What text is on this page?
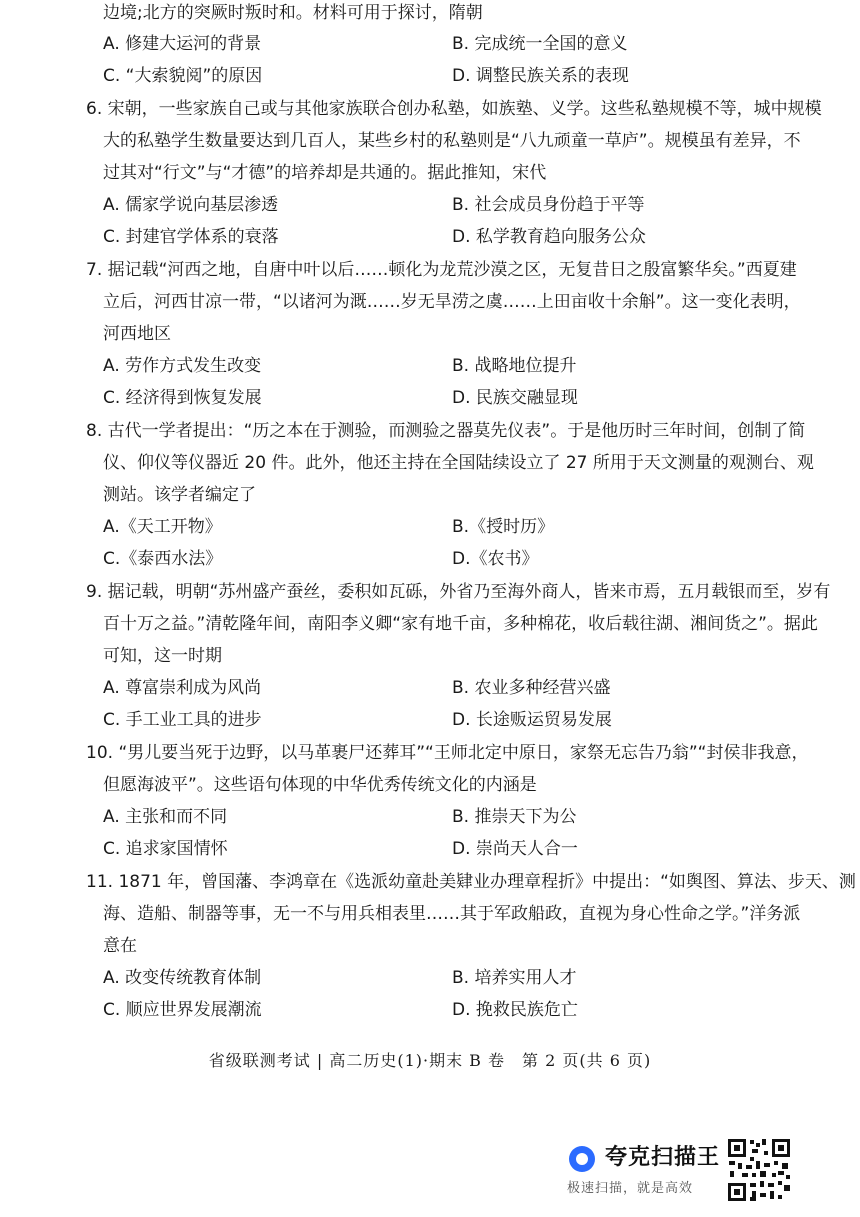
边境;北方的突厥时叛时和。材料可用于探讨，隋朝
A. 修建大运河的背景	B. 完成统一全国的意义
C. “大索貌阅”的原因	D. 调整民族关系的表现
6. 宋朝，一些家族自己或与其他家族联合创办私塾，如族塾、义学。这些私塾规模不等，城中规模
大的私塾学生数量要达到几百人，某些乡村的私塾则是“八九顽童一草庐”。规模虽有差异，不
过其对“行文”与“才德”的培养却是共通的。据此推知，宋代
A. 儒家学说向基层渗透	B. 社会成员身份趋于平等
C. 封建官学体系的衰落	D. 私学教育趋向服务公众
7. 据记载“河西之地，自唐中叶以后……顿化为龙荒沙漠之区，无复昔日之殷富繁华矣。”西夏建
立后，河西甘凉一带，“以诸河为溉……岁无旱涝之虞……上田亩收十余斛”。这一变化表明，
河西地区
A. 劳作方式发生改变	B. 战略地位提升
C. 经济得到恢复发展	D. 民族交融显现
8. 古代一学者提出：“历之本在于测验，而测验之器莫先仪表”。于是他历时三年时间，创制了简
仪、仰仪等仪器近 20 件。此外，他还主持在全国陆续设立了 27 所用于天文测量的观测台、观
测站。该学者编定了
A.《天工开物》	B.《授时历》
C.《泰西水法》	D.《农书》
9. 据记载，明朝“苏州盛产蚕丝，委积如瓦砾，外省乃至海外商人，皆来市焉，五月载银而至，岁有
百十万之益。”清乾隆年间，南阳李义卿“家有地千亩，多种棉花，收后载往湖、湘间货之”。据此
可知，这一时期
A. 尊富崇利成为风尚	B. 农业多种经营兴盛
C. 手工业工具的进步	D. 长途贩运贸易发展
10. “男儿要当死于边野，以马革裹尸还葬耳”“王师北定中原日，家祭无忘告乃翁”“封侯非我意，
但愿海波平”。这些语句体现的中华优秀传统文化的内涵是
A. 主张和而不同	B. 推崇天下为公
C. 追求家国情怀	D. 崇尚天人合一
11. 1871 年，曾国藩、李鸿章在《选派幼童赴美肄业办理章程折》中提出：“如舆图、算法、步天、测
海、造船、制器等事，无一不与用兵相表里……其于军政船政，直视为身心性命之学。”洋务派
意在
A. 改变传统教育体制	B. 培养实用人才
C. 顺应世界发展潮流	D. 挽救民族危亡
省级联测考试 | 高二历史(1)·期末 B 卷　第 2 页(共 6 页)
夸克扫描王
极速扫描，就是高效
